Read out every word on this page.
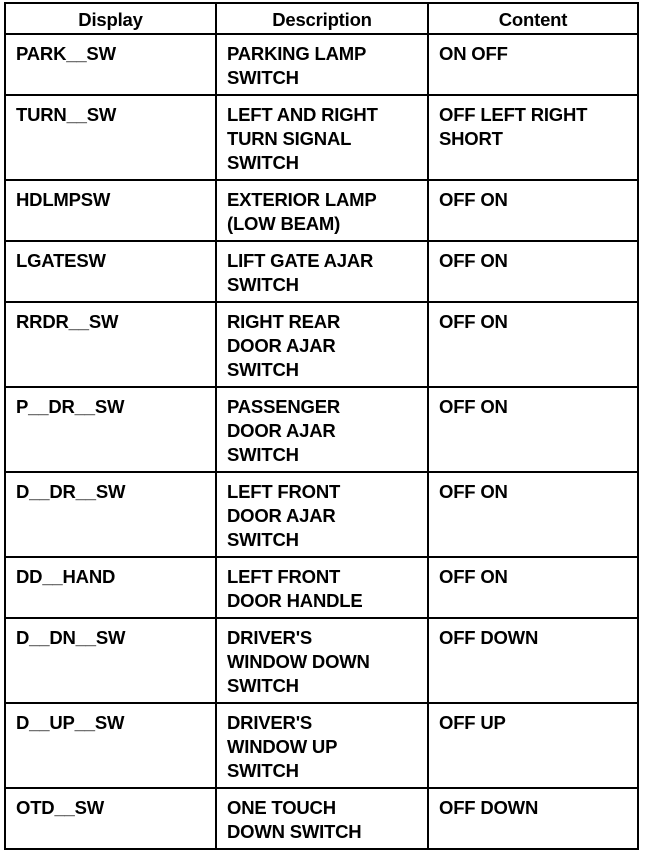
Display	Description	Content

PARK__SW	PARKING LAMP
SWITCH	ON OFF

TURN__SW	LEFT AND RIGHT
TURN SIGNAL
SWITCH	OFF LEFT RIGHT
SHORT

HDLMPSW	EXTERIOR LAMP
(LOW BEAM)	OFF ON

LGATESW	LIFT GATE AJAR
SWITCH	OFF ON

RRDR__SW	RIGHT REAR
DOOR AJAR
SWITCH	OFF ON

P__DR__SW	PASSENGER
DOOR AJAR
SWITCH	OFF ON

D__DR__SW	LEFT FRONT
DOOR AJAR
SWITCH	OFF ON

DD__HAND	LEFT FRONT
DOOR HANDLE	OFF ON

D__DN__SW	DRIVER'S
WINDOW DOWN
SWITCH	OFF DOWN

D__UP__SW	DRIVER'S
WINDOW UP
SWITCH	OFF UP

OTD__SW	ONE TOUCH
DOWN SWITCH	OFF DOWN
